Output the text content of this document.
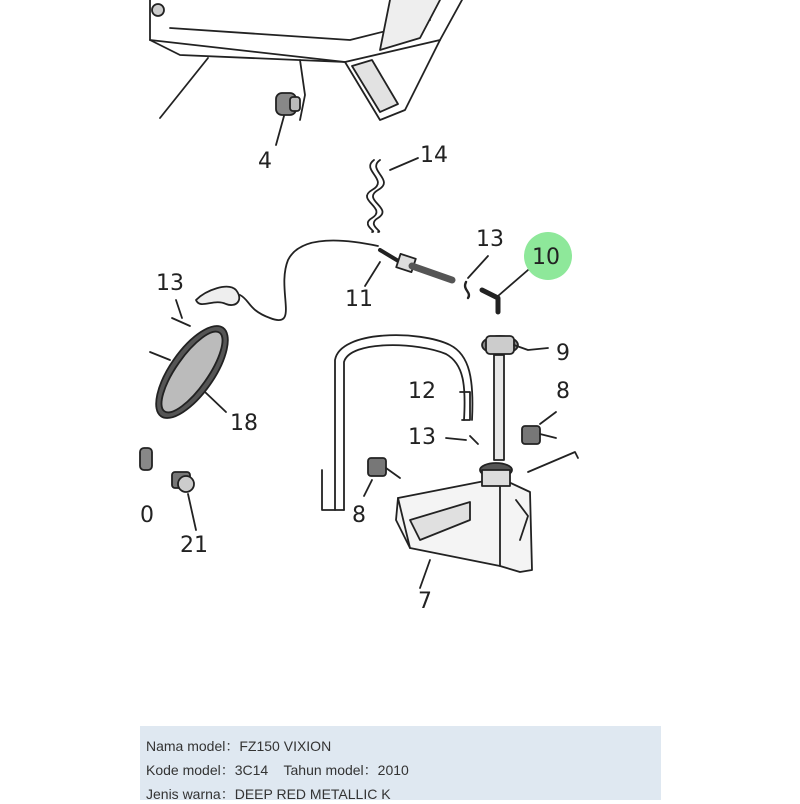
4	14
13
10
13
11
9
12	8
18
13
8
0
21
7
Nama model：FZ150 VIXION
Kode model：3C14 Tahun model：2010
Jenis warna：DEEP RED METALLIC K
